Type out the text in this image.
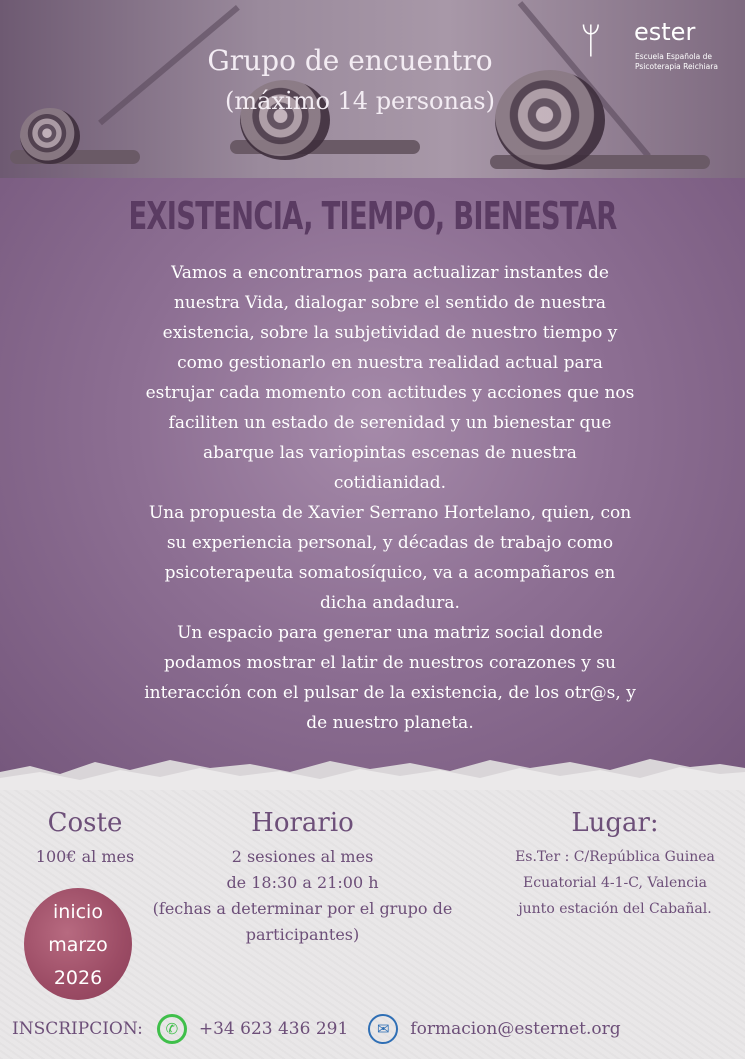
Grupo de encuentro
(máximo 14 personas)
ᛘ	ester
Escuela Española de
Psicoterapia Reichiara
EXISTENCIA, TIEMPO, BIENESTAR
Vamos a encontrarnos para actualizar instantes de
nuestra Vida, dialogar sobre el sentido de nuestra
existencia, sobre la subjetividad de nuestro tiempo y
como gestionarlo en nuestra realidad actual para
estrujar cada momento con actitudes y acciones que nos
faciliten un estado de serenidad y un bienestar que
abarque las variopintas escenas de nuestra
cotidianidad.
Una propuesta de Xavier Serrano Hortelano, quien, con
su experiencia personal, y décadas de trabajo como
psicoterapeuta somatosíquico, va a acompañaros en
dicha andadura.
Un espacio para generar una matriz social donde
podamos mostrar el latir de nuestros corazones y su
interacción con el pulsar de la existencia, de los otr@s, y
de nuestro planeta.
Coste
100€ al mes
Horario
2 sesiones al mes
de 18:30 a 21:00 h
(fechas a determinar por el grupo de
participantes)
Lugar:
Es.Ter : C/República Guinea
Ecuatorial 4-1-C, Valencia
junto estación del Cabañal.
inicio
marzo
2026
INSCRIPCION:	✆	+34 623 436 291	✉	formacion@esternet.org
